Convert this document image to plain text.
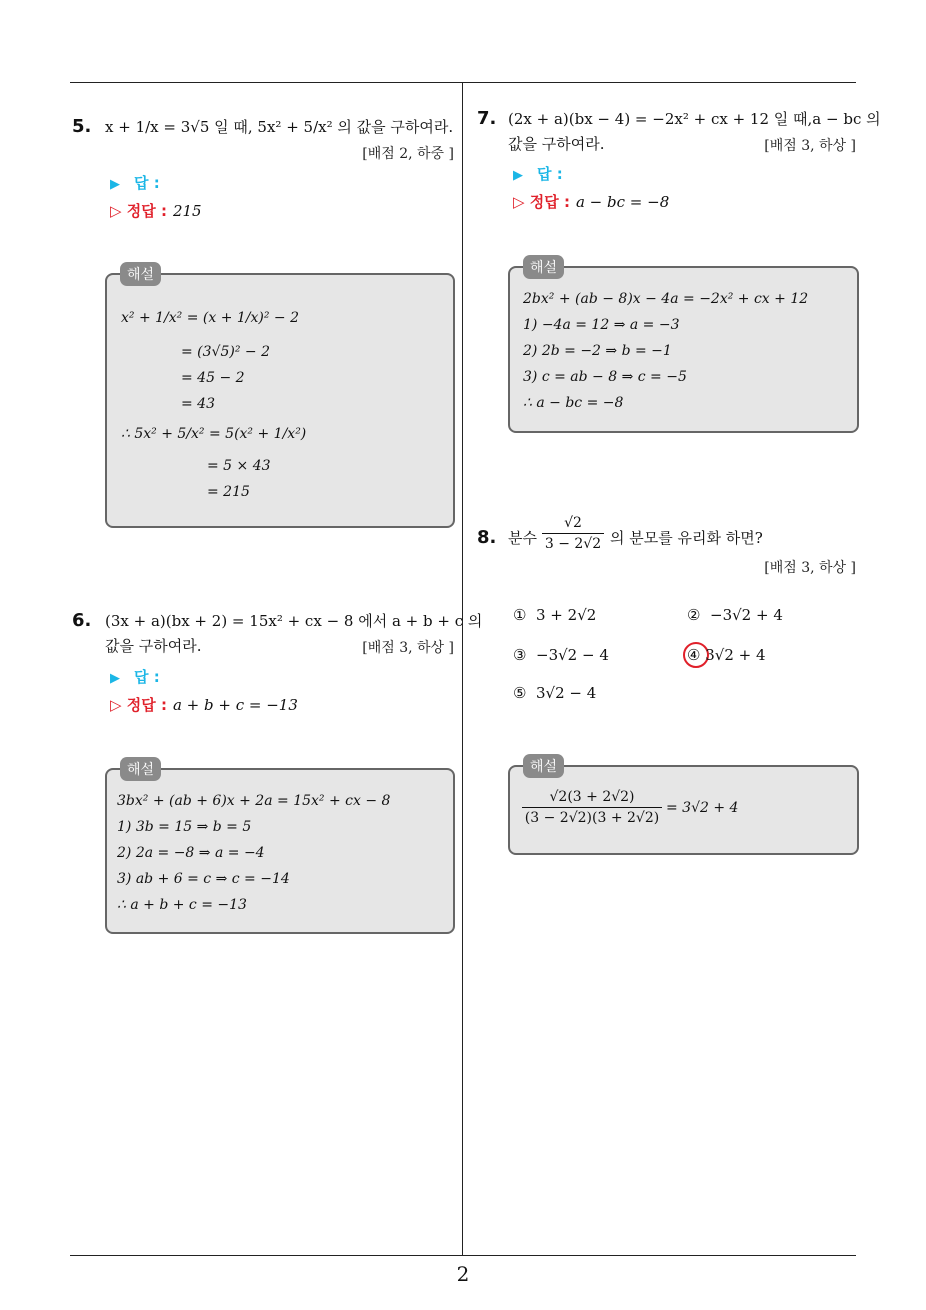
2
5. x + 1/x = 3√5 일 때, 5x² + 5/x² 의 값을 구하여라.
[배점 2, 하중 ]
▶ 답 :
▷ 정답 : 215
x² + 1/x² = (x + 1/x)² − 2
= (3√5)² − 2
= 45 − 2
= 43
∴ 5x² + 5/x² = 5(x² + 1/x²)
= 5 × 43
= 215
해설
6. (3x + a)(bx + 2) = 15x² + cx − 8 에서 a + b + c 의
값을 구하여라.	[배점 3, 하상 ]
▶ 답 :
▷ 정답 : a + b + c = −13
3bx² + (ab + 6)x + 2a = 15x² + cx − 8
1) 3b = 15 ⇒ b = 5
2) 2a = −8 ⇒ a = −4
3) ab + 6 = c ⇒ c = −14
∴ a + b + c = −13
해설
7. (2x + a)(bx − 4) = −2x² + cx + 12 일 때,a − bc 의
값을 구하여라.	[배점 3, 하상 ]
▶ 답 :
▷ 정답 : a − bc = −8
2bx² + (ab − 8)x − 4a = −2x² + cx + 12
1) −4a = 12 ⇒ a = −3
2) 2b = −2 ⇒ b = −1
3) c = ab − 8 ⇒ c = −5
∴ a − bc = −8
해설
8. 분수 $\frac{√2}{3 - 2√2}$ 의 분모를 유리화 하면?
[배점 3, 하상 ]
① 3 + 2√2	② −3√2 + 4
③ −3√2 − 4	④ 3√2 + 4
⑤ 3√2 − 4
$\frac{√2(3 + 2√2)}{(3 - 2√2)(3 + 2√2)} = 3√2 + 4$
해설
